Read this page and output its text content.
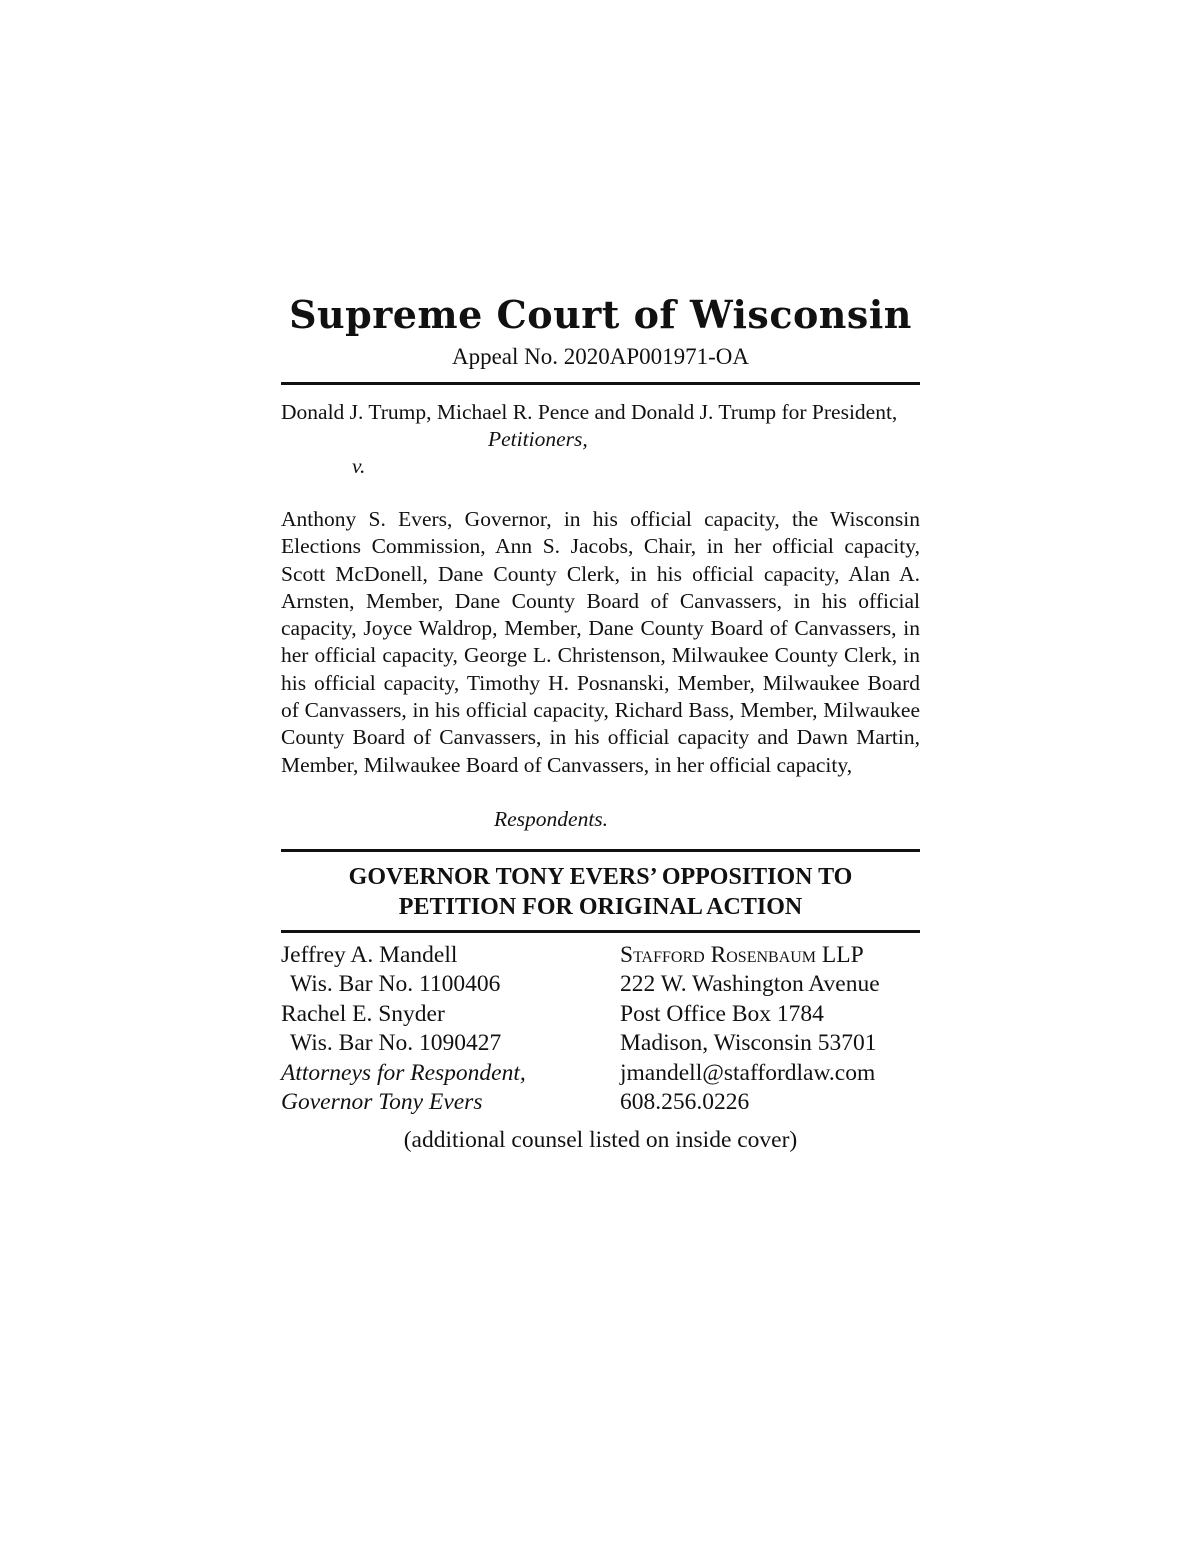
Supreme Court of Wisconsin
Appeal No. 2020AP001971-OA
Donald J. Trump, Michael R. Pence and Donald J. Trump for President,
Petitioners,
v.
Anthony S. Evers, Governor, in his official capacity, the Wisconsin Elections Commission, Ann S. Jacobs, Chair, in her official capacity, Scott McDonell, Dane County Clerk, in his official capacity, Alan A. Arnsten, Member, Dane County Board of Canvassers, in his official capacity, Joyce Waldrop, Member, Dane County Board of Canvassers, in her official capacity, George L. Christenson, Milwaukee County Clerk, in his official capacity, Timothy H. Posnanski, Member, Milwaukee Board of Canvassers, in his official capacity, Richard Bass, Member, Milwaukee County Board of Canvassers, in his official capacity and Dawn Martin, Member, Milwaukee Board of Canvassers, in her official capacity,
Respondents.
GOVERNOR TONY EVERS’ OPPOSITION TO
PETITION FOR ORIGINAL ACTION
Jeffrey A. Mandell
Wis. Bar No. 1100406
Rachel E. Snyder
Wis. Bar No. 1090427
Attorneys for Respondent,
Governor Tony Evers
Stafford Rosenbaum LLP
222 W. Washington Avenue
Post Office Box 1784
Madison, Wisconsin 53701
jmandell@staffordlaw.com
608.256.0226
(additional counsel listed on inside cover)
